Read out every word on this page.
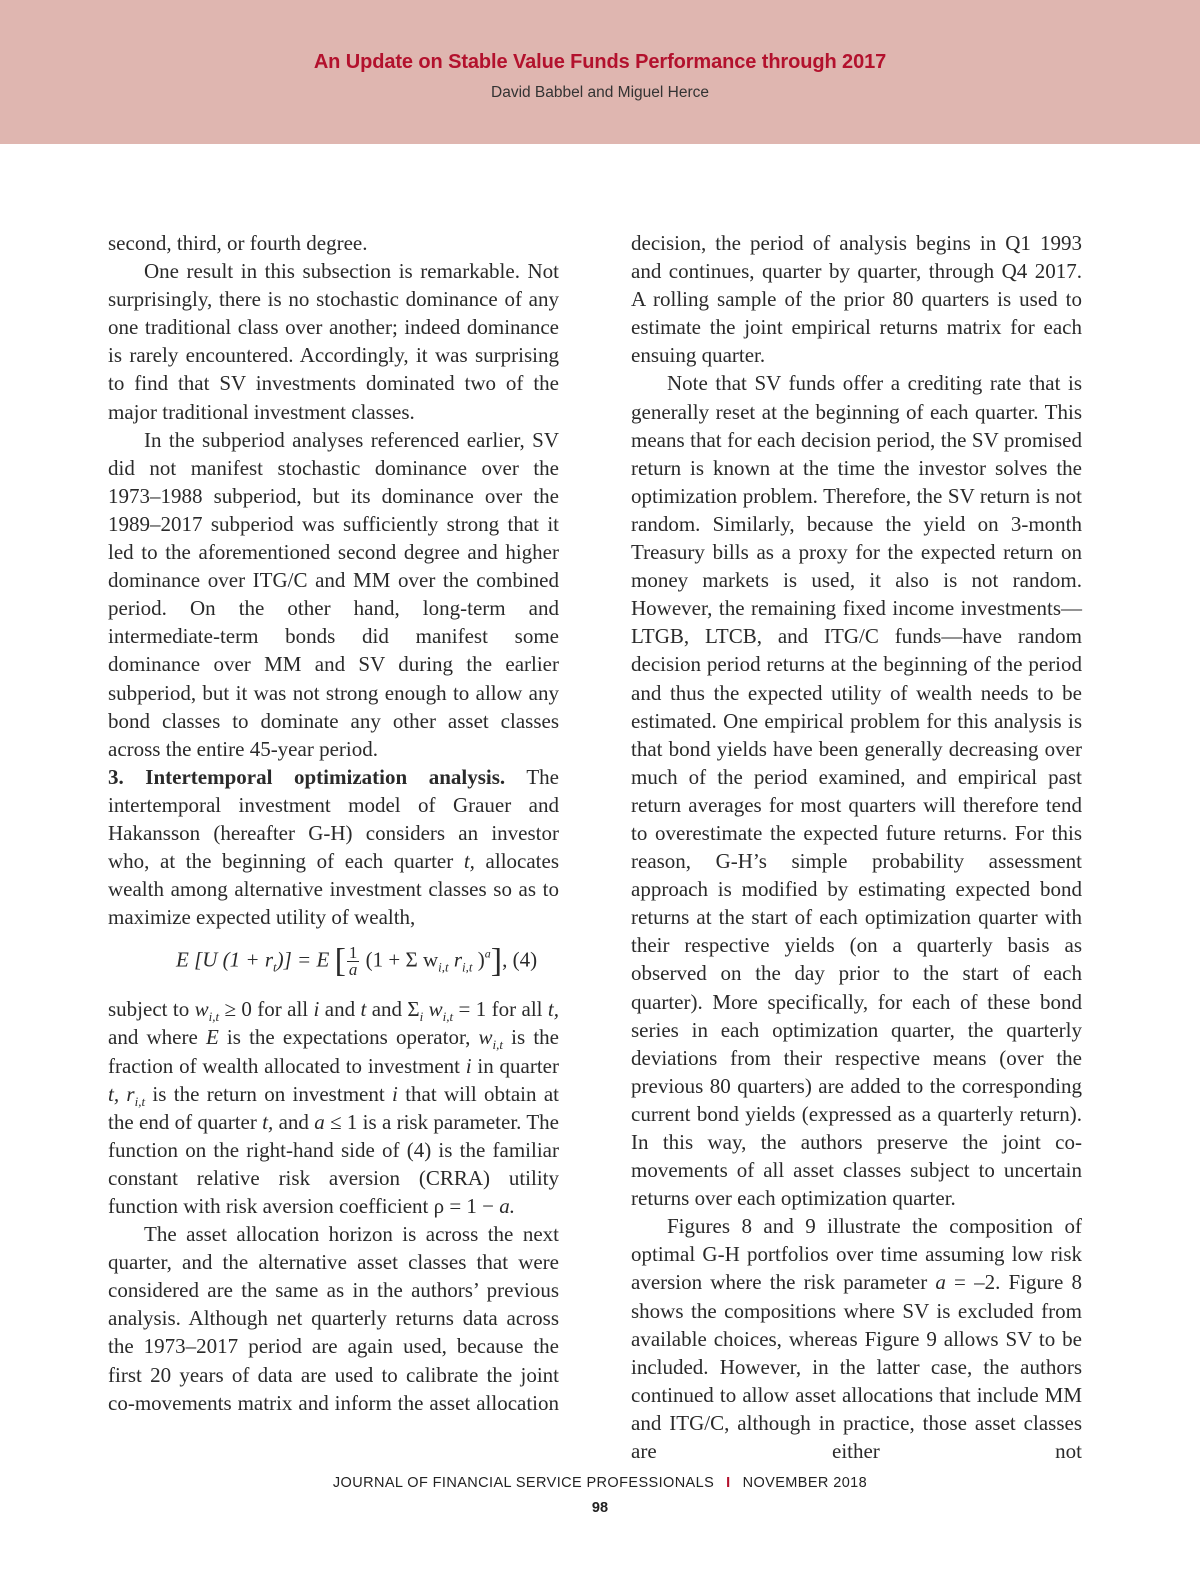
An Update on Stable Value Funds Performance through 2017
David Babbel and Miguel Herce

second, third, or fourth degree.

One result in this subsection is remarkable. Not surprisingly, there is no stochastic dominance of any one traditional class over another; indeed dominance is rarely encountered. Accordingly, it was surprising to find that SV investments dominated two of the major traditional investment classes.

In the subperiod analyses referenced earlier, SV did not manifest stochastic dominance over the 1973–1988 subperiod, but its dominance over the 1989–2017 subperiod was sufficiently strong that it led to the aforementioned second degree and higher dominance over ITG/C and MM over the combined period. On the other hand, long-term and intermediate-term bonds did manifest some dominance over MM and SV during the earlier subperiod, but it was not strong enough to allow any bond classes to dominate any other asset classes across the entire 45-year period.

3. Intertemporal optimization analysis. The intertemporal investment model of Grauer and Hakansson (hereafter G-H) considers an investor who, at the beginning of each quarter t, allocates wealth among alternative investment classes so as to maximize expected utility of wealth,

E [U $(1 + r_t)] = E$ [ $\frac{1}{a} (1 + \Sigma$ $w_{i,t}$ $r_{i,t}$ )$^a$], (4)

subject to $w_{i,t} \ge 0$ for all i and t and $\Sigma_i$ $w_{i,t} = 1$ for all t, and where E is the expectations operator, $w_{i,t}$ is the fraction of wealth allocated to investment i in quarter t, $r_{i,t}$ is the return on investment i that will obtain at the end of quarter t, and a ≤ 1 is a risk parameter. The function on the right-hand side of (4) is the familiar constant relative risk aversion (CRRA) utility function with risk aversion coefficient ρ = 1 − a.

The asset allocation horizon is across the next quarter, and the alternative asset classes that were considered are the same as in the authors’ previous analysis. Although net quarterly returns data across the 1973–2017 period are again used, because the first 20 years of data are used to calibrate the joint co-movements matrix and inform the asset allocation

decision, the period of analysis begins in Q1 1993 and continues, quarter by quarter, through Q4 2017. A rolling sample of the prior 80 quarters is used to estimate the joint empirical returns matrix for each ensuing quarter.

Note that SV funds offer a crediting rate that is generally reset at the beginning of each quarter. This means that for each decision period, the SV promised return is known at the time the investor solves the optimization problem. Therefore, the SV return is not random. Similarly, because the yield on 3-month Treasury bills as a proxy for the expected return on money markets is used, it also is not random. However, the remaining fixed income investments—LTGB, LTCB, and ITG/C funds—have random decision period returns at the beginning of the period and thus the expected utility of wealth needs to be estimated. One empirical problem for this analysis is that bond yields have been generally decreasing over much of the period examined, and empirical past return averages for most quarters will therefore tend to overestimate the expected future returns. For this reason, G-H’s simple probability assessment approach is modified by estimating expected bond returns at the start of each optimization quarter with their respective yields (on a quarterly basis as observed on the day prior to the start of each quarter). More specifically, for each of these bond series in each optimization quarter, the quarterly deviations from their respective means (over the previous 80 quarters) are added to the corresponding current bond yields (expressed as a quarterly return). In this way, the authors preserve the joint co-movements of all asset classes subject to uncertain returns over each optimization quarter.

Figures 8 and 9 illustrate the composition of optimal G-H portfolios over time assuming low risk aversion where the risk parameter a = –2. Figure 8 shows the compositions where SV is excluded from available choices, whereas Figure 9 allows SV to be included. However, in the latter case, the authors continued to allow asset allocations that include MM and ITG/C, although in practice, those asset classes are either not

JOURNAL OF FINANCIAL SERVICE PROFESSIONALS I NOVEMBER 2018
98
